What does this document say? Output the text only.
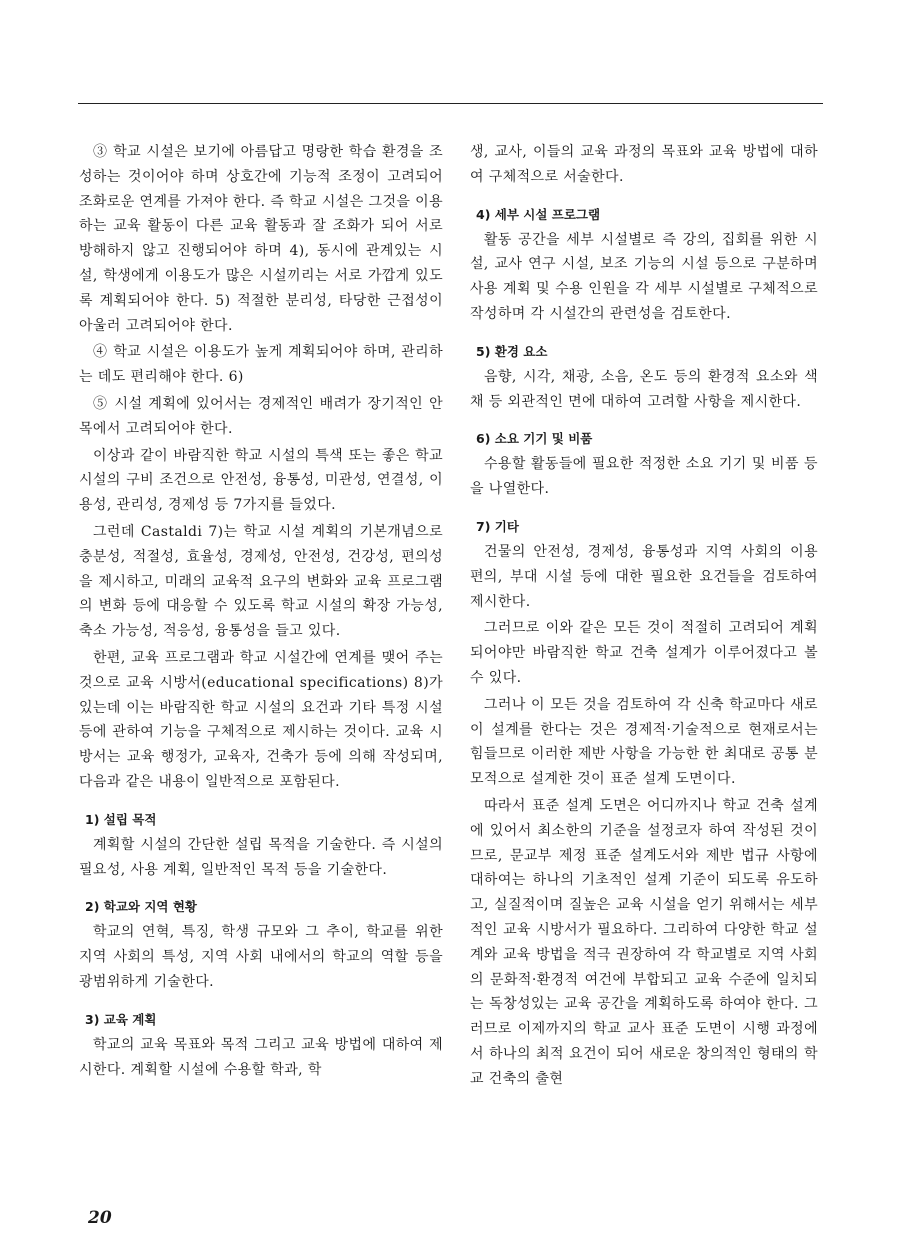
③ 학교 시설은 보기에 아름답고 명랑한 학습 환경을 조성하는 것이어야 하며 상호간에 기능적 조정이 고려되어 조화로운 연계를 가져야 한다. 즉 학교 시설은 그것을 이용하는 교육 활동이 다른 교육 활동과 잘 조화가 되어 서로 방해하지 않고 진행되어야 하며 4), 동시에 관계있는 시설, 학생에게 이용도가 많은 시설끼리는 서로 가깝게 있도록 계획되어야 한다. 5) 적절한 분리성, 타당한 근접성이 아울러 고려되어야 한다.
④ 학교 시설은 이용도가 높게 계획되어야 하며, 관리하는 데도 편리해야 한다. 6)
⑤ 시설 계획에 있어서는 경제적인 배려가 장기적인 안목에서 고려되어야 한다.
이상과 같이 바람직한 학교 시설의 특색 또는 좋은 학교 시설의 구비 조건으로 안전성, 융통성, 미관성, 연결성, 이용성, 관리성, 경제성 등 7가지를 들었다.
그런데 Castaldi 7)는 학교 시설 계획의 기본개념으로 충분성, 적절성, 효율성, 경제성, 안전성, 건강성, 편의성을 제시하고, 미래의 교육적 요구의 변화와 교육 프로그램의 변화 등에 대응할 수 있도록 학교 시설의 확장 가능성, 축소 가능성, 적응성, 융통성을 들고 있다.
한편, 교육 프로그램과 학교 시설간에 연계를 맺어 주는 것으로 교육 시방서(educational specifications) 8)가 있는데 이는 바람직한 학교 시설의 요건과 기타 특정 시설 등에 관하여 기능을 구체적으로 제시하는 것이다. 교육 시방서는 교육 행정가, 교육자, 건축가 등에 의해 작성되며, 다음과 같은 내용이 일반적으로 포함된다.
1) 설립 목적
계획할 시설의 간단한 설립 목적을 기술한다. 즉 시설의 필요성, 사용 계획, 일반적인 목적 등을 기술한다.
2) 학교와 지역 현황
학교의 연혁, 특징, 학생 규모와 그 추이, 학교를 위한 지역 사회의 특성, 지역 사회 내에서의 학교의 역할 등을 광범위하게 기술한다.
3) 교육 계획
학교의 교육 목표와 목적 그리고 교육 방법에 대하여 제시한다. 계획할 시설에 수용할 학과, 학
생, 교사, 이들의 교육 과정의 목표와 교육 방법에 대하여 구체적으로 서술한다.
4) 세부 시설 프로그램
활동 공간을 세부 시설별로 즉 강의, 집회를 위한 시설, 교사 연구 시설, 보조 기능의 시설 등으로 구분하며 사용 계획 및 수용 인원을 각 세부 시설별로 구체적으로 작성하며 각 시설간의 관련성을 검토한다.
5) 환경 요소
음향, 시각, 채광, 소음, 온도 등의 환경적 요소와 색채 등 외관적인 면에 대하여 고려할 사항을 제시한다.
6) 소요 기기 및 비품
수용할 활동들에 필요한 적정한 소요 기기 및 비품 등을 나열한다.
7) 기타
건물의 안전성, 경제성, 융통성과 지역 사회의 이용 편의, 부대 시설 등에 대한 필요한 요건들을 검토하여 제시한다.
그러므로 이와 같은 모든 것이 적절히 고려되어 계획되어야만 바람직한 학교 건축 설계가 이루어졌다고 볼 수 있다.
그러나 이 모든 것을 검토하여 각 신축 학교마다 새로이 설계를 한다는 것은 경제적·기술적으로 현재로서는 힘들므로 이러한 제반 사항을 가능한 한 최대로 공통 분모적으로 설계한 것이 표준 설계 도면이다.
따라서 표준 설계 도면은 어디까지나 학교 건축 설계에 있어서 최소한의 기준을 설정코자 하여 작성된 것이므로, 문교부 제정 표준 설계도서와 제반 법규 사항에 대하여는 하나의 기초적인 설계 기준이 되도록 유도하고, 실질적이며 질높은 교육 시설을 얻기 위해서는 세부적인 교육 시방서가 필요하다. 그리하여 다양한 학교 설계와 교육 방법을 적극 권장하여 각 학교별로 지역 사회의 문화적·환경적 여건에 부합되고 교육 수준에 일치되는 독창성있는 교육 공간을 계획하도록 하여야 한다. 그러므로 이제까지의 학교 교사 표준 도면이 시행 과정에서 하나의 최적 요건이 되어 새로운 창의적인 형태의 학교 건축의 출현
20
